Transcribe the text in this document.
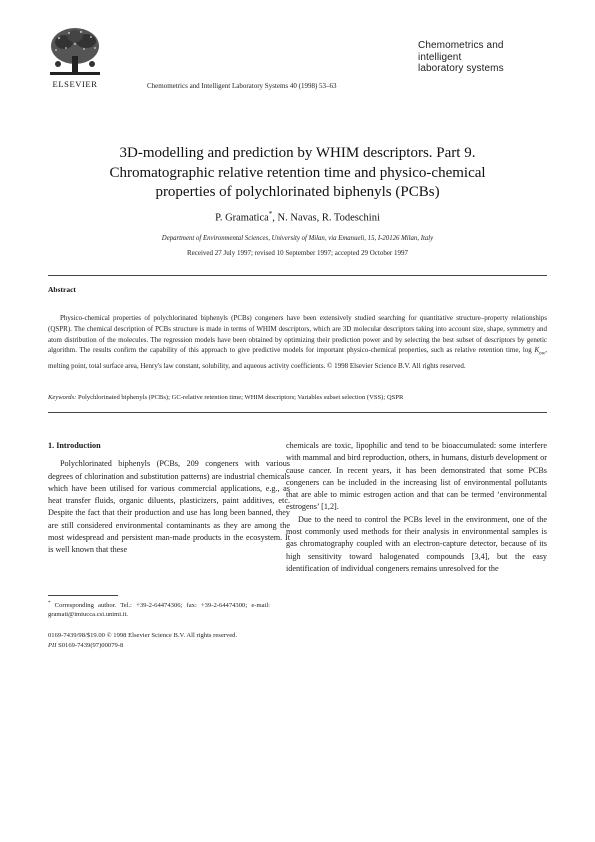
ELSEVIER	Chemometrics and Intelligent Laboratory Systems 40 (1998) 53–63
Chemometrics and
intelligent
laboratory systems
3D-modelling and prediction by WHIM descriptors. Part 9.
Chromatographic relative retention time and physico-chemical
properties of polychlorinated biphenyls (PCBs)
P. Gramatica*, N. Navas, R. Todeschini
Department of Environmental Sciences, University of Milan, via Emanueli, 15, I-20126 Milan, Italy
Received 27 July 1997; revised 10 September 1997; accepted 29 October 1997
Abstract

Physico-chemical properties of polychlorinated biphenyls (PCBs) congeners have been extensively studied searching for quantitative structure–property relationships (QSPR). The chemical description of PCBs structure is made in terms of WHIM descriptors, which are 3D molecular descriptors taking into account size, shape, symmetry and atom distribution of the molecules. The regression models have been obtained by optimizing their prediction power and by selecting the best subset of descriptors by genetic algorithm. The results confirm the capability of this approach to give predictive models for important physico-chemical properties, such as relative retention time, $\log K_{ow}$, melting point, total surface area, Henry's law constant, solubility, and aqueous activity coefficients. © 1998 Elsevier Science B.V. All rights reserved.

Keywords: Polychlorinated biphenyls (PCBs); GC-relative retention time; WHIM descriptors; Variables subset selection (VSS); QSPR
1. Introduction

Polychlorinated biphenyls (PCBs, 209 congeners with various degrees of chlorination and substitution patterns) are industrial chemicals which have been utilised for various commercial applications, e.g., as heat transfer fluids, organic diluents, plasticizers, paint additives, etc. Despite the fact that their production and use has long been banned, they are still considered environmental contaminants as they are among the most widespread and persistent man-made products in the ecosystem. It is well known that these

chemicals are toxic, lipophilic and tend to be bioaccumulated: some interfere with mammal and bird reproduction, others, in humans, disturb development or cause cancer. In recent years, it has been demonstrated that some PCBs congeners can be included in the increasing list of environmental pollutants that are able to mimic estrogen action and that can be termed ‘environmental estrogens’ [1,2].

Due to the need to control the PCBs level in the environment, one of the most commonly used methods for their analysis in environmental samples is gas chromatography coupled with an electron-capture detector, because of its high sensitivity toward halogenated compounds [3,4], but the easy identification of individual congeners remains unresolved for the

* Corresponding author. Tel.: +39-2-64474306; fax: +39-2-64474300; e-mail: gramati@imiucca.csi.unimi.it.
0169-7439/98/$19.00 © 1998 Elsevier Science B.V. All rights reserved.
PII S0169-7439(97)00079-8
